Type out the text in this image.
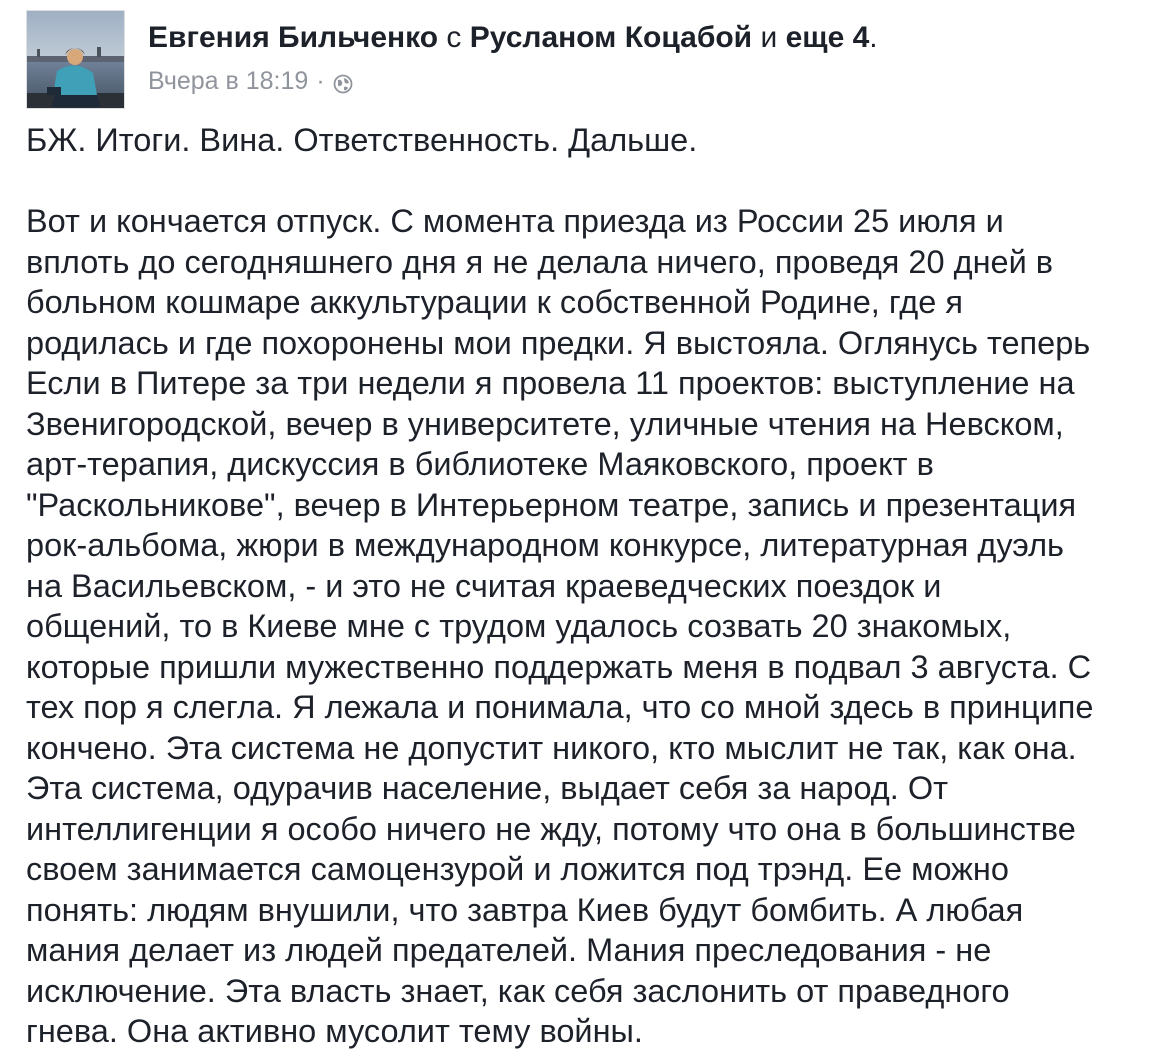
Евгения Бильченко с Русланом Коцабой и еще 4.
Вчера в 18:19 ·
БЖ. Итоги. Вина. Ответственность. Дальше.
Вот и кончается отпуск. С момента приезда из России 25 июля и
вплоть до сегодняшнего дня я не делала ничего, проведя 20 дней в
больном кошмаре аккультурации к собственной Родине, где я
родилась и где похоронены мои предки. Я выстояла. Оглянусь теперь
Если в Питере за три недели я провела 11 проектов: выступление на
Звенигородской, вечер в университете, уличные чтения на Невском,
арт-терапия, дискуссия в библиотеке Маяковского, проект в
"Раскольникове", вечер в Интерьерном театре, запись и презентация
рок-альбома, жюри в международном конкурсе, литературная дуэль
на Васильевском, - и это не считая краеведческих поездок и
общений, то в Киеве мне с трудом удалось созвать 20 знакомых,
которые пришли мужественно поддержать меня в подвал 3 августа. С
тех пор я слегла. Я лежала и понимала, что со мной здесь в принципе
кончено. Эта система не допустит никого, кто мыслит не так, как она.
Эта система, одурачив население, выдает себя за народ. От
интеллигенции я особо ничего не жду, потому что она в большинстве
своем занимается самоцензурой и ложится под трэнд. Ее можно
понять: людям внушили, что завтра Киев будут бомбить. А любая
мания делает из людей предателей. Мания преследования - не
исключение. Эта власть знает, как себя заслонить от праведного
гнева. Она активно мусолит тему войны.
